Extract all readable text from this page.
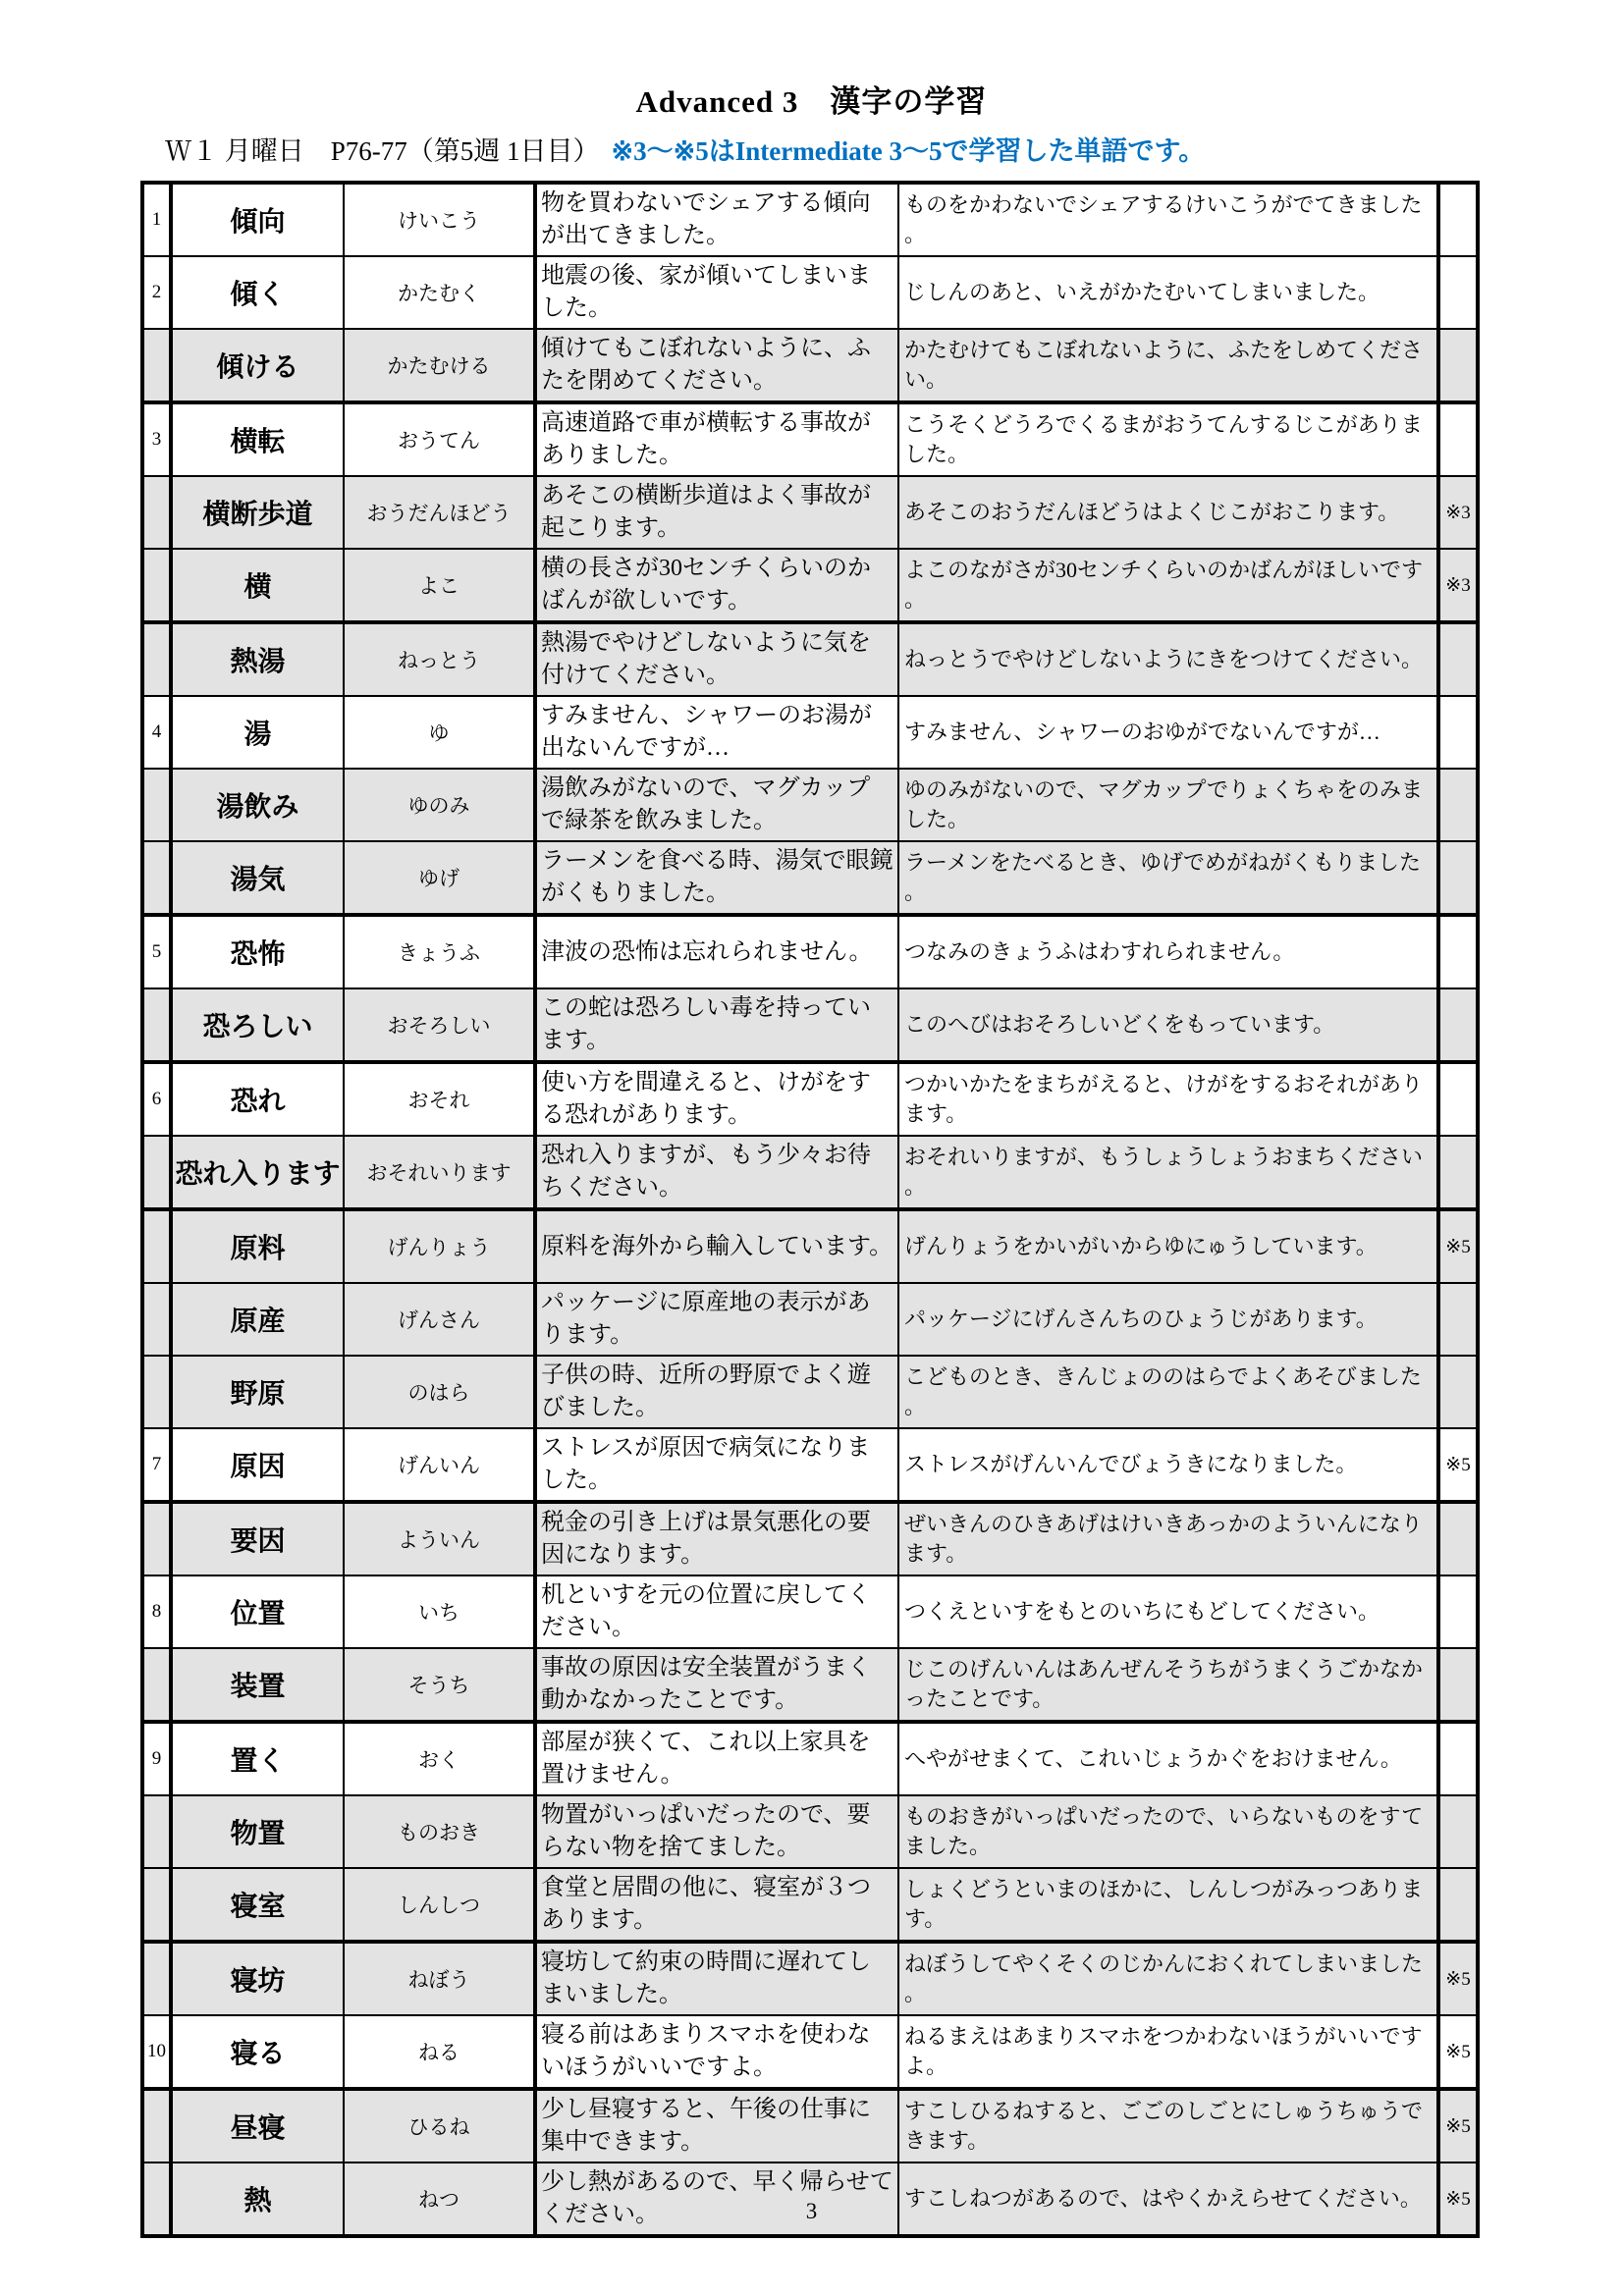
Advanced 3　漢字の学習
Ｗ１ 月曜日　P76-77（第5週 1日目） ※3〜※5はIntermediate 3〜5で学習した単語です。
1	傾向	けいこう	物を買わないでシェアする傾向が出てきました。	ものをかわないでシェアするけいこうがでてきました。	
2	傾く	かたむく	地震の後、家が傾いてしまいました。	じしんのあと、いえがかたむいてしまいました。	
	傾ける	かたむける	傾けてもこぼれないように、ふたを閉めてください。	かたむけてもこぼれないように、ふたをしめてください。	
3	横転	おうてん	高速道路で車が横転する事故がありました。	こうそくどうろでくるまがおうてんするじこがありました。	
	横断歩道	おうだんほどう	あそこの横断歩道はよく事故が起こります。	あそこのおうだんほどうはよくじこがおこります。	※3
	横	よこ	横の長さが30センチくらいのかばんが欲しいです。	よこのながさが30センチくらいのかばんがほしいです。	※3
	熱湯	ねっとう	熱湯でやけどしないように気を付けてください。	ねっとうでやけどしないようにきをつけてください。	
4	湯	ゆ	すみません、シャワーのお湯が出ないんですが…	すみません、シャワーのおゆがでないんですが…	
	湯飲み	ゆのみ	湯飲みがないので、マグカップで緑茶を飲みました。	ゆのみがないので、マグカップでりょくちゃをのみました。	
	湯気	ゆげ	ラーメンを食べる時、湯気で眼鏡がくもりました。	ラーメンをたべるとき、ゆげでめがねがくもりました。	
5	恐怖	きょうふ	津波の恐怖は忘れられません。	つなみのきょうふはわすれられません。	
	恐ろしい	おそろしい	この蛇は恐ろしい毒を持っています。	このへびはおそろしいどくをもっています。	
6	恐れ	おそれ	使い方を間違えると、けがをする恐れがあります。	つかいかたをまちがえると、けがをするおそれがあります。	
	恐れ入ります	おそれいります	恐れ入りますが、もう少々お待ちください。	おそれいりますが、もうしょうしょうおまちください。	
	原料	げんりょう	原料を海外から輸入しています。	げんりょうをかいがいからゆにゅうしています。	※5
	原産	げんさん	パッケージに原産地の表示があります。	パッケージにげんさんちのひょうじがあります。	
	野原	のはら	子供の時、近所の野原でよく遊びました。	こどものとき、きんじょののはらでよくあそびました。	
7	原因	げんいん	ストレスが原因で病気になりました。	ストレスがげんいんでびょうきになりました。	※5
	要因	よういん	税金の引き上げは景気悪化の要因になります。	ぜいきんのひきあげはけいきあっかのよういんになります。	
8	位置	いち	机といすを元の位置に戻してください。	つくえといすをもとのいちにもどしてください。	
	装置	そうち	事故の原因は安全装置がうまく動かなかったことです。	じこのげんいんはあんぜんそうちがうまくうごかなかったことです。	
9	置く	おく	部屋が狭くて、これ以上家具を置けません。	へやがせまくて、これいじょうかぐをおけません。	
	物置	ものおき	物置がいっぱいだったので、要らない物を捨てました。	ものおきがいっぱいだったので、いらないものをすてました。	
	寝室	しんしつ	食堂と居間の他に、寝室が３つあります。	しょくどうといまのほかに、しんしつがみっつあります。	
	寝坊	ねぼう	寝坊して約束の時間に遅れてしまいました。	ねぼうしてやくそくのじかんにおくれてしまいました。	※5
10	寝る	ねる	寝る前はあまりスマホを使わないほうがいいですよ。	ねるまえはあまりスマホをつかわないほうがいいですよ。	※5
	昼寝	ひるね	少し昼寝すると、午後の仕事に集中できます。	すこしひるねすると、ごごのしごとにしゅうちゅうできます。	※5
	熱	ねつ	少し熱があるので、早く帰らせてください。	すこしねつがあるので、はやくかえらせてください。	※5
3
